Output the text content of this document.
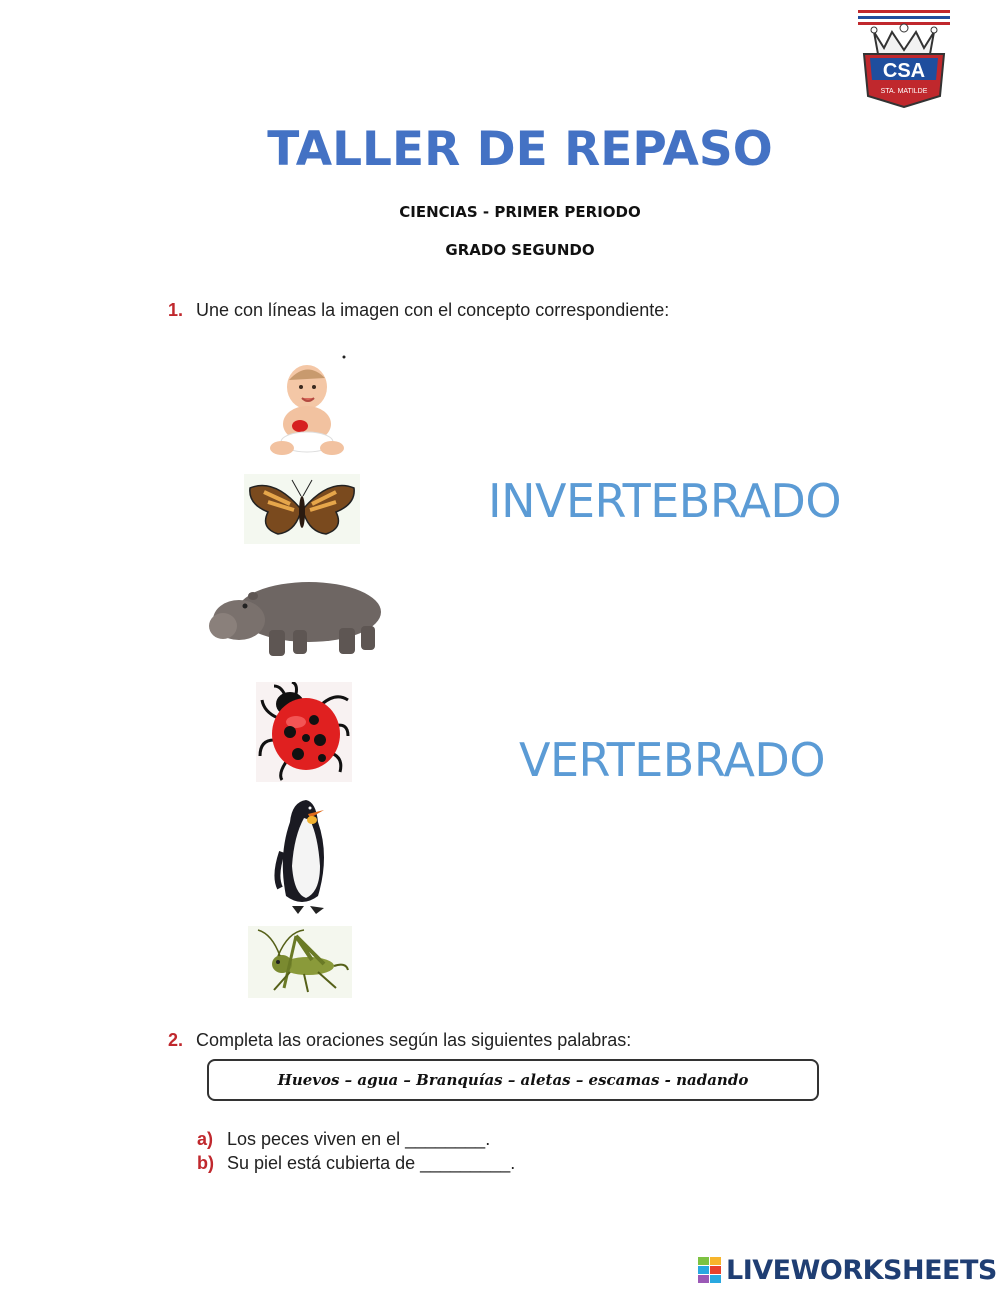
CSA
STA. MATILDE
TALLER DE REPASO
CIENCIAS - PRIMER PERIODO
GRADO SEGUNDO
1. Une con líneas la imagen con el concepto correspondiente:
INVERTEBRADO
VERTEBRADO
2. Completa las oraciones según las siguientes palabras:
Huevos – agua – Branquías – aletas – escamas - nadando
a) Los peces viven en el ________.
b) Su piel está cubierta de _________.
LIVEWORKSHEETS
